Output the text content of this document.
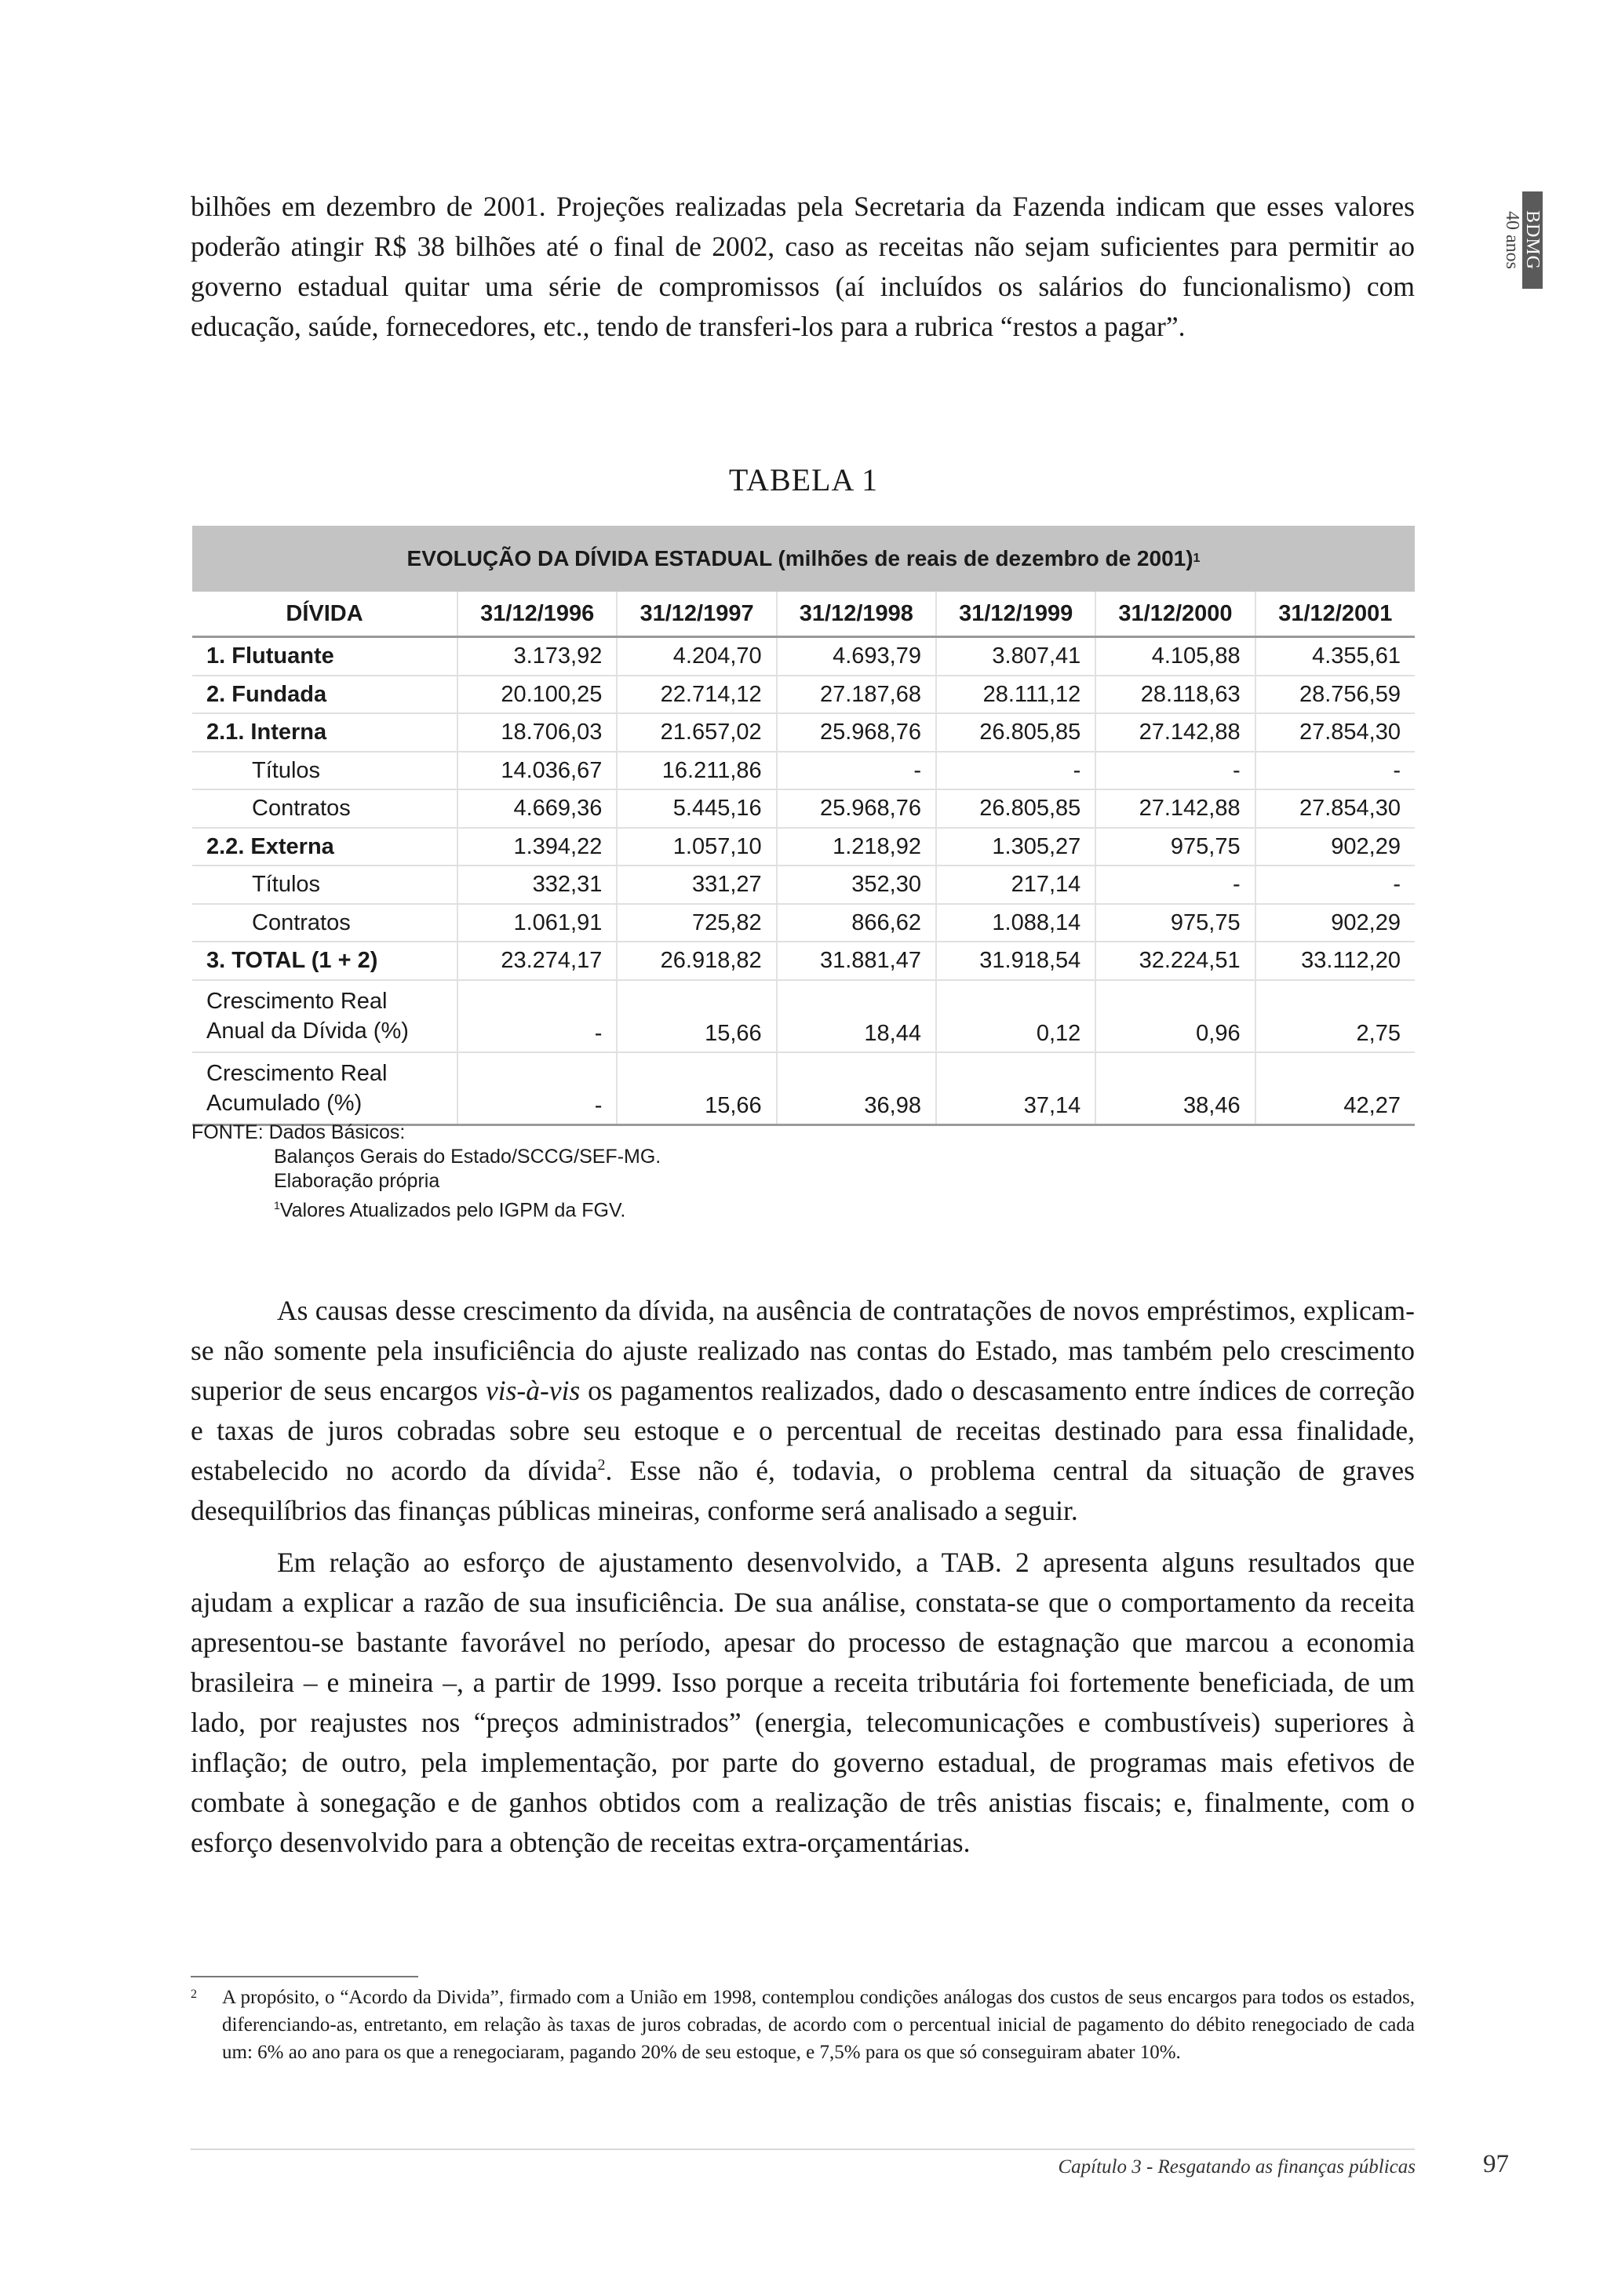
BDMG
40 anos

bilhões em dezembro de 2001. Projeções realizadas pela Secretaria da Fazenda indicam que esses valores poderão atingir R$ 38 bilhões até o final de 2002, caso as receitas não sejam suficientes para permitir ao governo estadual quitar uma série de compromissos (aí incluídos os salários do funcionalismo) com educação, saúde, fornecedores, etc., tendo de transferi-los para a rubrica “restos a pagar”.

TABELA 1
EVOLUÇÃO DA DÍVIDA ESTADUAL (milhões de reais de dezembro de 2001) 1
DÍVIDA	31/12/1996	31/12/1997	31/12/1998	31/12/1999	31/12/2000	31/12/2001
1. Flutuante	3.173,92	4.204,70	4.693,79	3.807,41	4.105,88	4.355,61
2. Fundada	20.100,25	22.714,12	27.187,68	28.111,12	28.118,63	28.756,59
2.1. Interna	18.706,03	21.657,02	25.968,76	26.805,85	27.142,88	27.854,30
Títulos	14.036,67	16.211,86	-	-	-	-
Contratos	4.669,36	5.445,16	25.968,76	26.805,85	27.142,88	27.854,30
2.2. Externa	1.394,22	1.057,10	1.218,92	1.305,27	975,75	902,29
Títulos	332,31	331,27	352,30	217,14	-	-
Contratos	1.061,91	725,82	866,62	1.088,14	975,75	902,29
3. TOTAL (1 + 2)	23.274,17	26.918,82	31.881,47	31.918,54	32.224,51	33.112,20

Crescimento Real
Anual da Dívida (%)	-	15,66	18,44	0,12	0,96	2,75

Crescimento Real
Acumulado (%)	-	15,66	36,98	37,14	38,46	42,27
FONTE: Dados Básicos:
Balanços Gerais do Estado/SCCG/SEF-MG.
Elaboração própria
$^1$Valores Atualizados pelo IGPM da FGV.

As causas desse crescimento da dívida, na ausência de contratações de novos empréstimos, explicam-se não somente pela insuficiência do ajuste realizado nas contas do Estado, mas também pelo crescimento superior de seus encargos vis-à-vis os pagamentos realizados, dado o descasamento entre índices de correção e taxas de juros cobradas sobre seu estoque e o percentual de receitas destinado para essa finalidade, estabelecido no acordo da dívida$^2$. Esse não é, todavia, o problema central da situação de graves desequilíbrios das finanças públicas mineiras, conforme será analisado a seguir.

Em relação ao esforço de ajustamento desenvolvido, a TAB. 2 apresenta alguns resultados que ajudam a explicar a razão de sua insuficiência. De sua análise, constata-se que o comportamento da receita apresentou-se bastante favorável no período, apesar do processo de estagnação que marcou a economia brasileira – e mineira –, a partir de 1999. Isso porque a receita tributária foi fortemente beneficiada, de um lado, por reajustes nos “preços administrados” (energia, telecomunicações e combustíveis) superiores à inflação; de outro, pela implementação, por parte do governo estadual, de programas mais efetivos de combate à sonegação e de ganhos obtidos com a realização de três anistias fiscais; e, finalmente, com o esforço desenvolvido para a obtenção de receitas extra-orçamentárias.

2 A propósito, o “Acordo da Divida”, firmado com a União em 1998, contemplou condições análogas dos custos de seus encargos para todos os estados, diferenciando-as, entretanto, em relação às taxas de juros cobradas, de acordo com o percentual inicial de pagamento do débito renegociado de cada um: 6% ao ano para os que a renegociaram, pagando 20% de seu estoque, e 7,5% para os que só conseguiram abater 10%.
Capítulo 3 - Resgatando as finanças públicas	97
